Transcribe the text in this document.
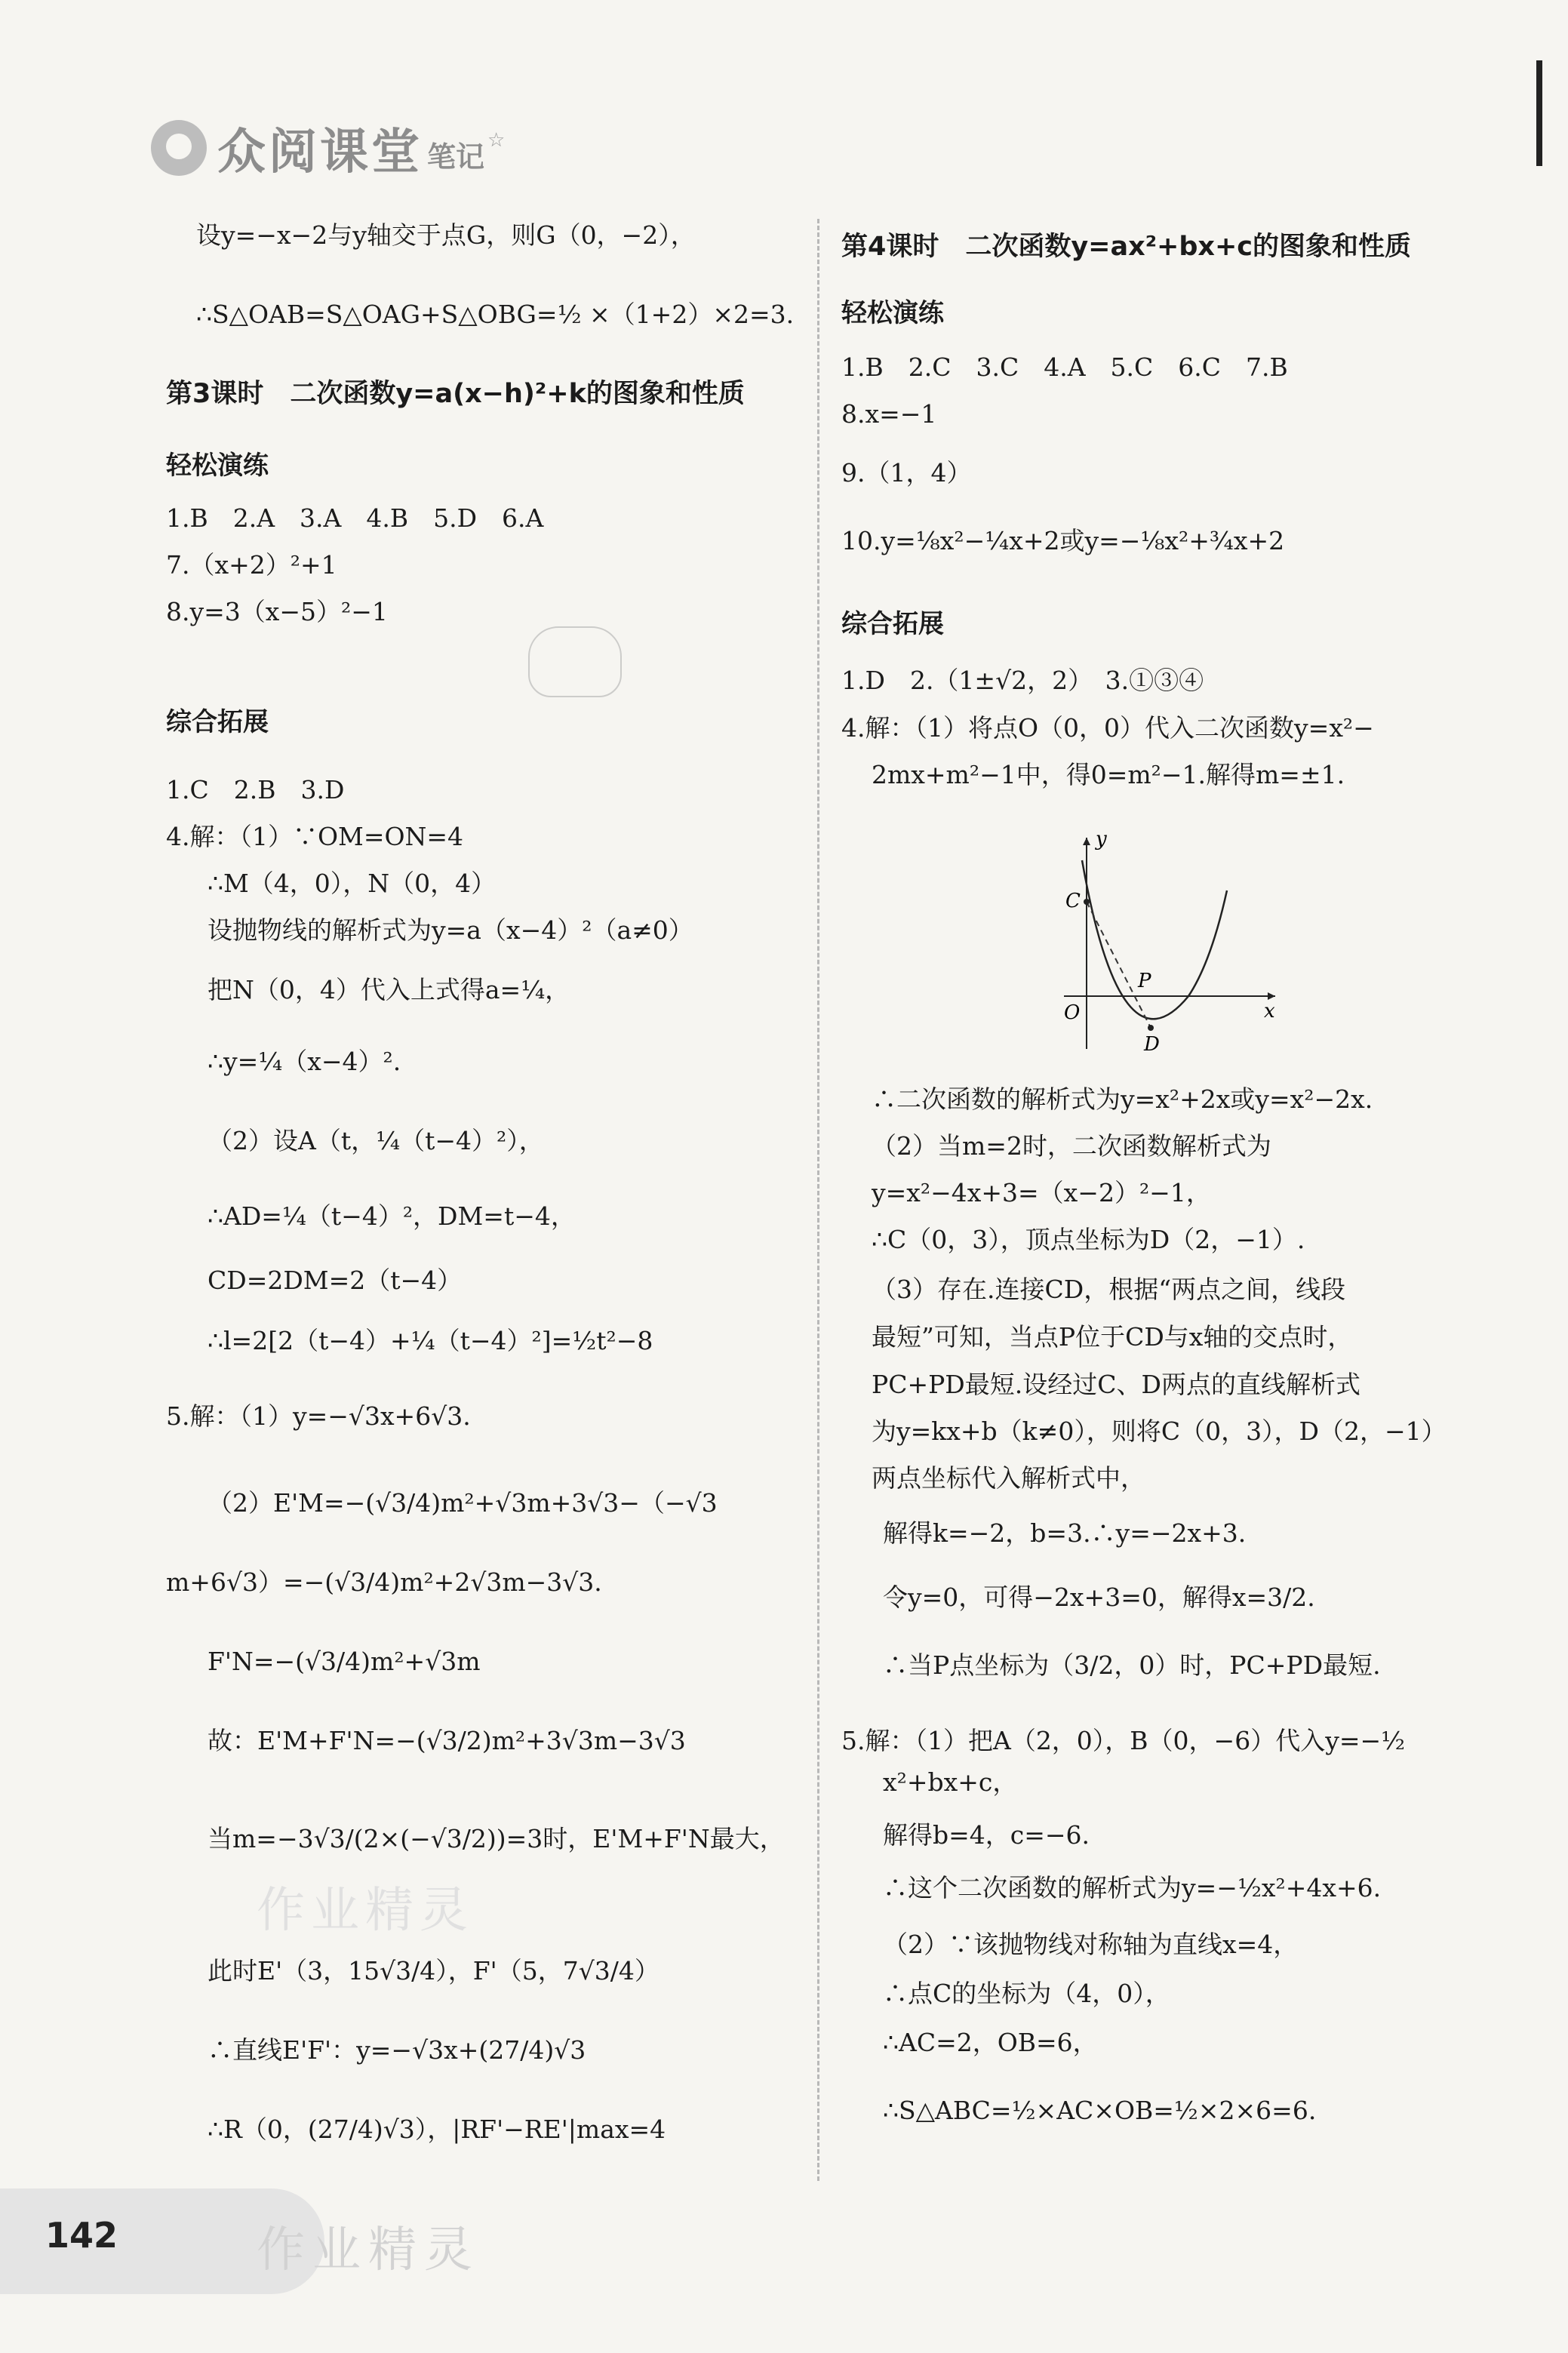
众阅课堂 笔记 ☆
设y=−x−2与y轴交于点G，则G（0，−2），
∴S△OAB=S△OAG+S△OBG=½ ×（1+2）×2=3.
第3课时　二次函数y=a(x−h)²+k的图象和性质
轻松演练
1.B　2.A　3.A　4.B　5.D　6.A
7.（x+2）²+1
8.y=3（x−5）²−1
综合拓展
1.C　2.B　3.D
4.解：（1）∵OM=ON=4
∴M（4，0），N（0，4）
设抛物线的解析式为y=a（x−4）²（a≠0）
把N（0，4）代入上式得a=¼，
∴y=¼（x−4）².
（2）设A（t，¼（t−4）²），
∴AD=¼（t−4）²，DM=t−4，
CD=2DM=2（t−4）
∴l=2[2（t−4）+¼（t−4）²]=½t²−8
5.解：（1）y=−√3x+6√3.
（2）E'M=−(√3/4)m²+√3m+3√3−（−√3
m+6√3）=−(√3/4)m²+2√3m−3√3.
F'N=−(√3/4)m²+√3m
故：E'M+F'N=−(√3/2)m²+3√3m−3√3
当m=−3√3/(2×(−√3/2))=3时，E'M+F'N最大，
此时E'（3，15√3/4），F'（5，7√3/4）
∴直线E'F'：y=−√3x+(27/4)√3
∴R（0，(27/4)√3），|RF'−RE'|max=4
作业精灵
第4课时　二次函数y=ax²+bx+c的图象和性质
轻松演练
1.B　2.C　3.C　4.A　5.C　6.C　7.B
8.x=−1
9.（1，4）
10.y=⅛x²−¼x+2或y=−⅛x²+¾x+2
综合拓展
1.D　2.（1±√2，2）　3.①③④
4.解：（1）将点O（0，0）代入二次函数y=x²−
2mx+m²−1中，得0=m²−1.解得m=±1.
∴二次函数的解析式为y=x²+2x或y=x²−2x.
（2）当m=2时，二次函数解析式为
y=x²−4x+3=（x−2）²−1，
∴C（0，3），顶点坐标为D（2，−1）.
（3）存在.连接CD，根据“两点之间，线段
最短”可知，当点P位于CD与x轴的交点时，
PC+PD最短.设经过C、D两点的直线解析式
为y=kx+b（k≠0），则将C（0，3），D（2，−1）
两点坐标代入解析式中，
解得k=−2，b=3.∴y=−2x+3.
令y=0，可得−2x+3=0，解得x=3/2.
∴当P点坐标为（3/2，0）时，PC+PD最短.
5.解：（1）把A（2，0），B（0，−6）代入y=−½
x²+bx+c，
解得b=4，c=−6.
∴这个二次函数的解析式为y=−½x²+4x+6.
（2）∵该抛物线对称轴为直线x=4，
∴点C的坐标为（4，0），
∴AC=2，OB=6，
∴S△ABC=½×AC×OB=½×2×6=6.
y
x
O
C
P
D
142	作业精灵
